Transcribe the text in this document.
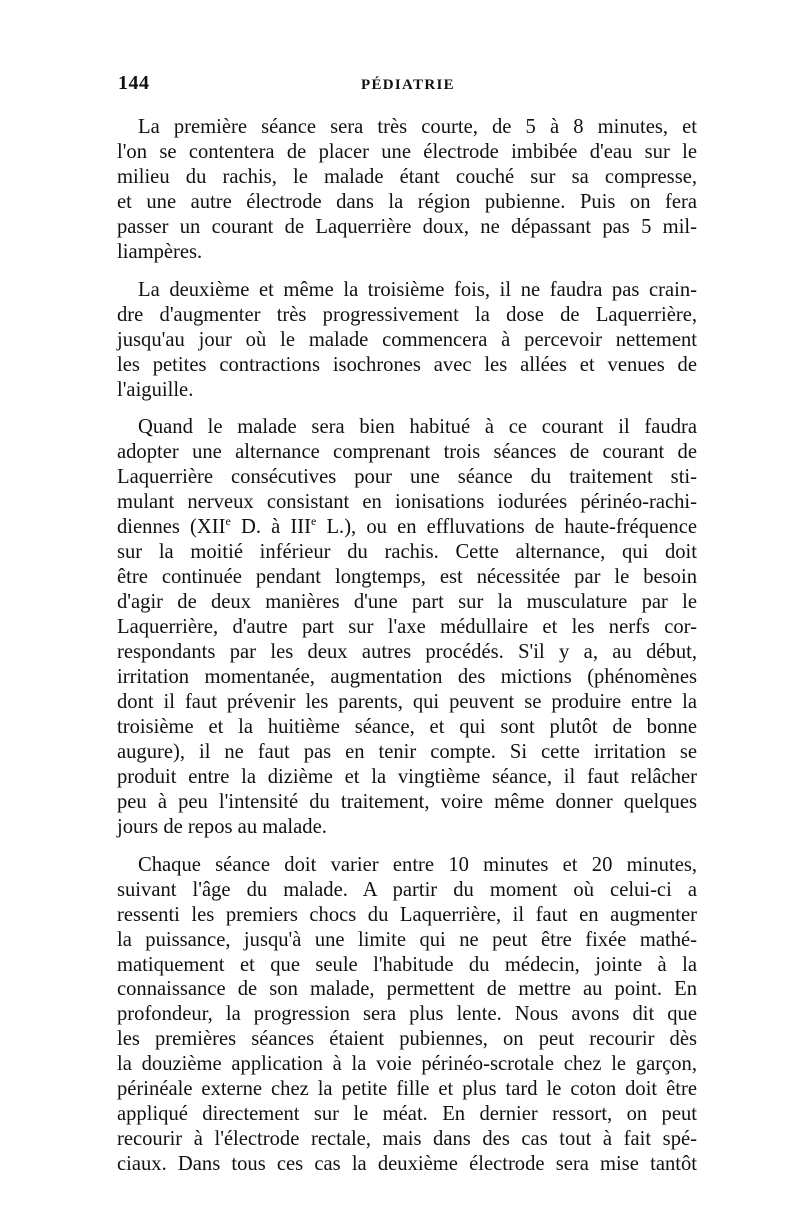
144	PÉDIATRIE

La première séance sera très courte, de 5 à 8 minutes, et
l'on se contentera de placer une électrode imbibée d'eau sur le
milieu du rachis, le malade étant couché sur sa compresse,
et une autre électrode dans la région pubienne. Puis on fera
passer un courant de Laquerrière doux, ne dépassant pas 5 mil-
liampères.

La deuxième et même la troisième fois, il ne faudra pas crain-
dre d'augmenter très progressivement la dose de Laquerrière,
jusqu'au jour où le malade commencera à percevoir nettement
les petites contractions isochrones avec les allées et venues de
l'aiguille.

Quand le malade sera bien habitué à ce courant il faudra
adopter une alternance comprenant trois séances de courant de
Laquerrière consécutives pour une séance du traitement sti-
mulant nerveux consistant en ionisations iodurées périnéo-rachi-
diennes (XIIe D. à IIIe L.), ou en effluvations de haute-fréquence
sur la moitié inférieur du rachis. Cette alternance, qui doit
être continuée pendant longtemps, est nécessitée par le besoin
d'agir de deux manières d'une part sur la musculature par le
Laquerrière, d'autre part sur l'axe médullaire et les nerfs cor-
respondants par les deux autres procédés. S'il y a, au début,
irritation momentanée, augmentation des mictions (phénomènes
dont il faut prévenir les parents, qui peuvent se produire entre la
troisième et la huitième séance, et qui sont plutôt de bonne
augure), il ne faut pas en tenir compte. Si cette irritation se
produit entre la dizième et la vingtième séance, il faut relâcher
peu à peu l'intensité du traitement, voire même donner quelques
jours de repos au malade.

Chaque séance doit varier entre 10 minutes et 20 minutes,
suivant l'âge du malade. A partir du moment où celui-ci a
ressenti les premiers chocs du Laquerrière, il faut en augmenter
la puissance, jusqu'à une limite qui ne peut être fixée mathé-
matiquement et que seule l'habitude du médecin, jointe à la
connaissance de son malade, permettent de mettre au point. En
profondeur, la progression sera plus lente. Nous avons dit que
les premières séances étaient pubiennes, on peut recourir dès
la douzième application à la voie périnéo-scrotale chez le garçon,
périnéale externe chez la petite fille et plus tard le coton doit être
appliqué directement sur le méat. En dernier ressort, on peut
recourir à l'électrode rectale, mais dans des cas tout à fait spé-
ciaux. Dans tous ces cas la deuxième électrode sera mise tantôt
